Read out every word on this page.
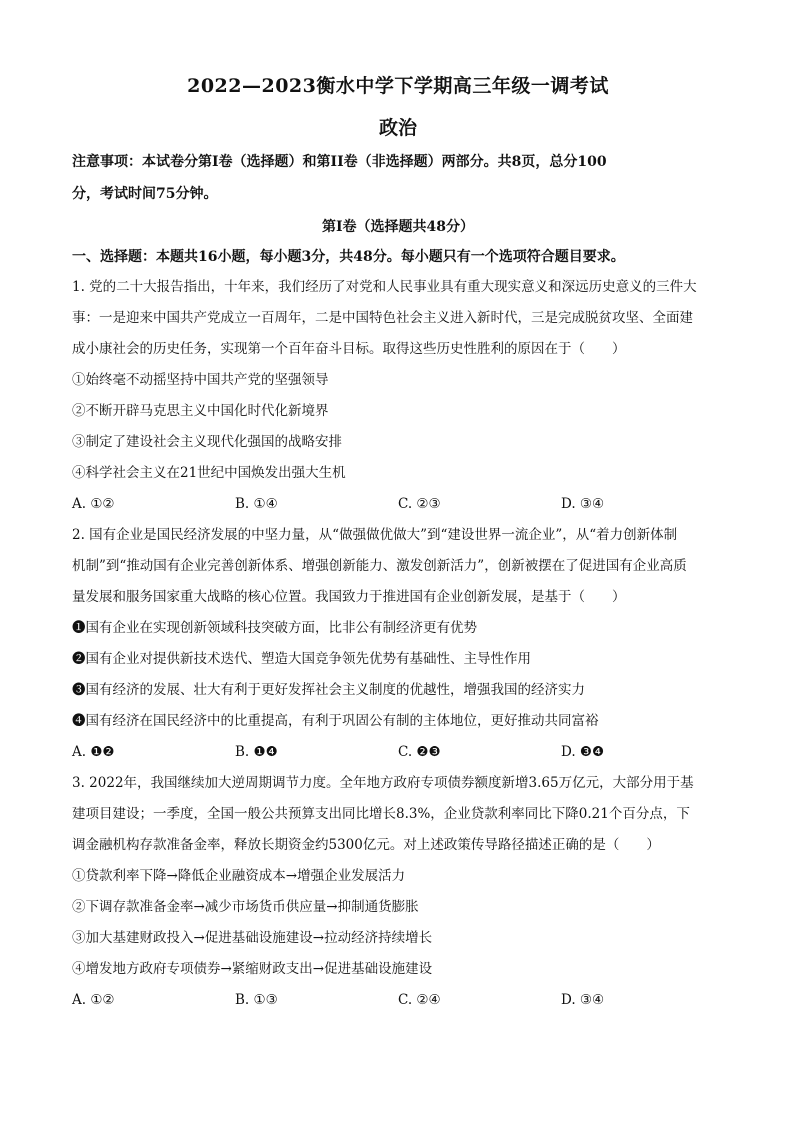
2022—2023衡水中学下学期高三年级一调考试
政治
注意事项：本试卷分第I卷（选择题）和第II卷（非选择题）两部分。共8页，总分100
分，考试时间75分钟。
第I卷（选择题共48分）
一、选择题：本题共16小题，每小题3分，共48分。每小题只有一个选项符合题目要求。
1. 党的二十大报告指出，十年来，我们经历了对党和人民事业具有重大现实意义和深远历史意义的三件大
事：一是迎来中国共产党成立一百周年，二是中国特色社会主义进入新时代，三是完成脱贫攻坚、全面建
成小康社会的历史任务，实现第一个百年奋斗目标。取得这些历史性胜利的原因在于（　　）
①始终毫不动摇坚持中国共产党的坚强领导
②不断开辟马克思主义中国化时代化新境界
③制定了建设社会主义现代化强国的战略安排
④科学社会主义在21世纪中国焕发出强大生机
A. ①②	B. ①④	C. ②③	D. ③④
2. 国有企业是国民经济发展的中坚力量，从“做强做优做大”到“建设世界一流企业”，从“着力创新体制
机制”到“推动国有企业完善创新体系、增强创新能力、激发创新活力”，创新被摆在了促进国有企业高质
量发展和服务国家重大战略的核心位置。我国致力于推进国有企业创新发展，是基于（　　）
❶国有企业在实现创新领域科技突破方面，比非公有制经济更有优势
❷国有企业对提供新技术迭代、塑造大国竞争领先优势有基础性、主导性作用
❸国有经济的发展、壮大有利于更好发挥社会主义制度的优越性，增强我国的经济实力
❹国有经济在国民经济中的比重提高，有利于巩固公有制的主体地位，更好推动共同富裕
A. ❶❷	B. ❶❹	C. ❷❸	D. ❸❹
3. 2022年，我国继续加大逆周期调节力度。全年地方政府专项债券额度新增3.65万亿元，大部分用于基
建项目建设；一季度，全国一般公共预算支出同比增长8.3%，企业贷款利率同比下降0.21个百分点，下
调金融机构存款准备金率，释放长期资金约5300亿元。对上述政策传导路径描述正确的是（　　）
①贷款利率下降→降低企业融资成本→增强企业发展活力
②下调存款准备金率→减少市场货币供应量→抑制通货膨胀
③加大基建财政投入→促进基础设施建设→拉动经济持续增长
④增发地方政府专项债券→紧缩财政支出→促进基础设施建设
A. ①②	B. ①③	C. ②④	D. ③④
